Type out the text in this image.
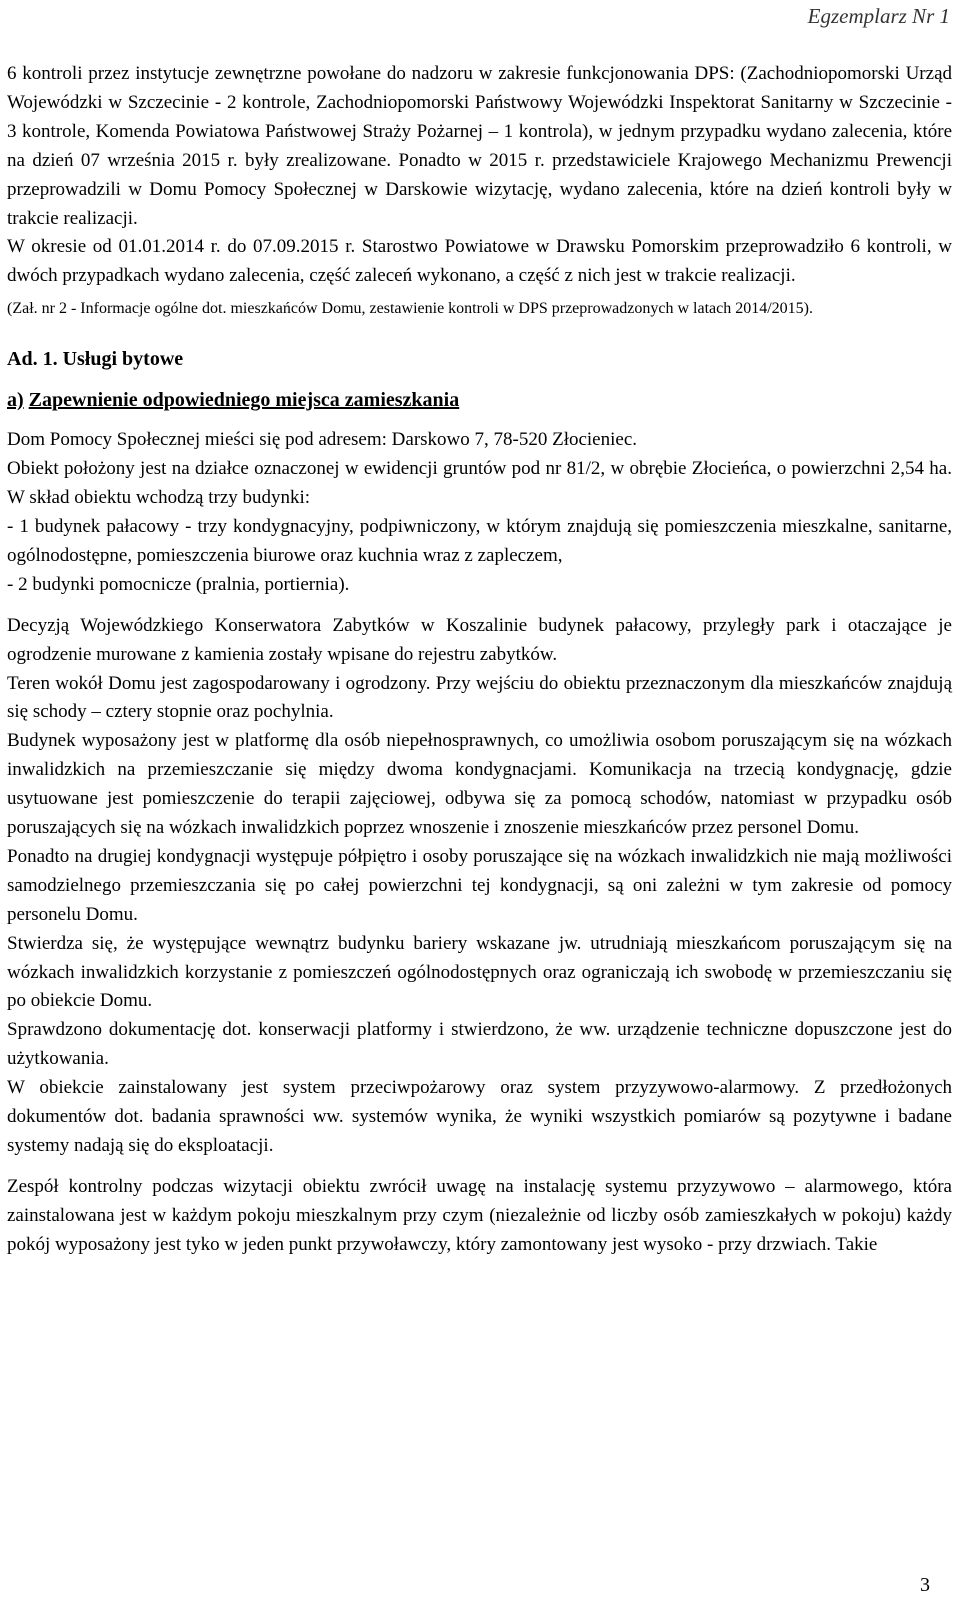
Egzemplarz Nr 1

6 kontroli przez instytucje zewnętrzne powołane do nadzoru w zakresie funkcjonowania DPS: (Zachodniopomorski Urząd Wojewódzki w Szczecinie - 2 kontrole, Zachodniopomorski Państwowy Wojewódzki Inspektorat Sanitarny w Szczecinie - 3 kontrole, Komenda Powiatowa Państwowej Straży Pożarnej – 1 kontrola), w jednym przypadku wydano zalecenia, które na dzień 07 września 2015 r. były zrealizowane. Ponadto w 2015 r. przedstawiciele Krajowego Mechanizmu Prewencji przeprowadzili w Domu Pomocy Społecznej w Darskowie wizytację, wydano zalecenia, które na dzień kontroli były w trakcie realizacji.

W okresie od 01.01.2014 r. do 07.09.2015 r. Starostwo Powiatowe w Drawsku Pomorskim przeprowadziło 6 kontroli, w dwóch przypadkach wydano zalecenia, część zaleceń wykonano, a część z nich jest w trakcie realizacji.

(Zał. nr 2 - Informacje ogólne dot. mieszkańców Domu, zestawienie kontroli w DPS przeprowadzonych w latach 2014/2015).

Ad. 1. Usługi bytowe

a) Zapewnienie odpowiedniego miejsca zamieszkania

Dom Pomocy Społecznej mieści się pod adresem: Darskowo 7, 78-520 Złocieniec.

Obiekt położony jest na działce oznaczonej w ewidencji gruntów pod nr 81/2, w obrębie Złocieńca, o powierzchni 2,54 ha. W skład obiektu wchodzą trzy budynki:

- 1 budynek pałacowy - trzy kondygnacyjny, podpiwniczony, w którym znajdują się pomieszczenia mieszkalne, sanitarne, ogólnodostępne, pomieszczenia biurowe oraz kuchnia wraz z zapleczem,

- 2 budynki pomocnicze (pralnia, portiernia).

Decyzją Wojewódzkiego Konserwatora Zabytków w Koszalinie budynek pałacowy, przyległy park i otaczające je ogrodzenie murowane z kamienia zostały wpisane do rejestru zabytków.

Teren wokół Domu jest zagospodarowany i ogrodzony. Przy wejściu do obiektu przeznaczonym dla mieszkańców znajdują się schody – cztery stopnie oraz pochylnia.

Budynek wyposażony jest w platformę dla osób niepełnosprawnych, co umożliwia osobom poruszającym się na wózkach inwalidzkich na przemieszczanie się między dwoma kondygnacjami. Komunikacja na trzecią kondygnację, gdzie usytuowane jest pomieszczenie do terapii zajęciowej, odbywa się za pomocą schodów, natomiast w przypadku osób poruszających się na wózkach inwalidzkich poprzez wnoszenie i znoszenie mieszkańców przez personel Domu.

Ponadto na drugiej kondygnacji występuje półpiętro i osoby poruszające się na wózkach inwalidzkich nie mają możliwości samodzielnego przemieszczania się po całej powierzchni tej kondygnacji, są oni zależni w tym zakresie od pomocy personelu Domu.

Stwierdza się, że występujące wewnątrz budynku bariery wskazane jw. utrudniają mieszkańcom poruszającym się na wózkach inwalidzkich korzystanie z pomieszczeń ogólnodostępnych oraz ograniczają ich swobodę w przemieszczaniu się po obiekcie Domu.

Sprawdzono dokumentację dot. konserwacji platformy i stwierdzono, że ww. urządzenie techniczne dopuszczone jest do użytkowania.

W obiekcie zainstalowany jest system przeciwpożarowy oraz system przyzywowo-alarmowy. Z przedłożonych dokumentów dot. badania sprawności ww. systemów wynika, że wyniki wszystkich pomiarów są pozytywne i badane systemy nadają się do eksploatacji.

Zespół kontrolny podczas wizytacji obiektu zwrócił uwagę na instalację systemu przyzywowo – alarmowego, która zainstalowana jest w każdym pokoju mieszkalnym przy czym (niezależnie od liczby osób zamieszkałych w pokoju) każdy pokój wyposażony jest tyko w jeden punkt przywoławczy, który zamontowany jest wysoko - przy drzwiach. Takie

3
